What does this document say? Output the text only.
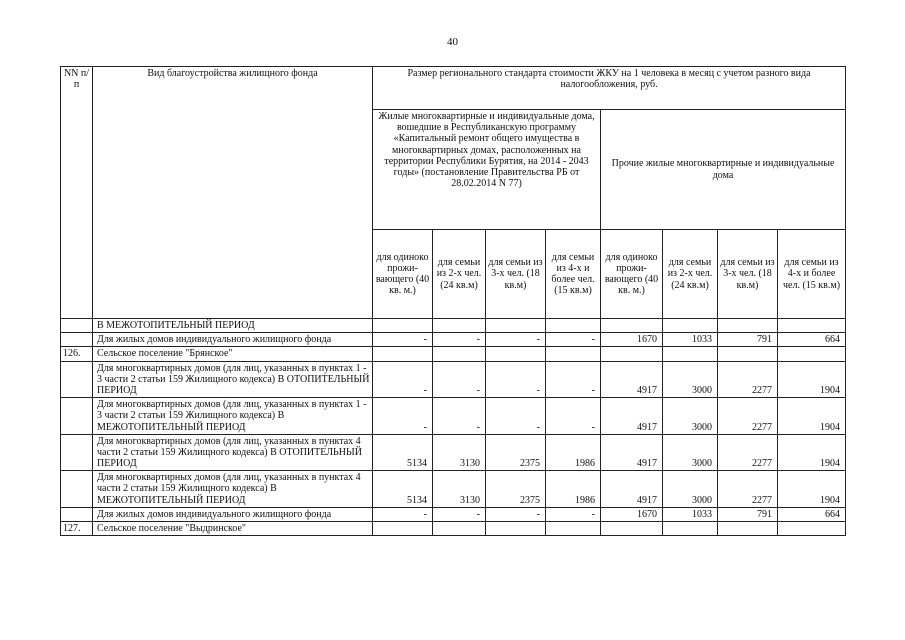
40
NN п/п	Вид благоустройства жилищного фонда	Размер регионального стандарта стоимости ЖКУ на 1 человека в месяц с учетом разного вида налогообложения, руб.							
		Жилые многоквартирные и индивидуальные дома, вошедшие в Республиканскую программу «Капитальный ремонт общего имущества в многоквартирных домах, расположенных на территории Республики Бурятия, на 2014 - 2043 годы» (постановление Правительства РБ от 28.02.2014 N 77)				Прочие жилые многоквартирные и индивидуальные дома			
		для одиноко прожи-вающего (40 кв. м.)	для семьи из 2-х чел. (24 кв.м)	для семьи из 3-х чел. (18 кв.м)	для семьи из 4-х и более чел. (15 кв.м)	для одиноко прожи-вающего (40 кв. м.)	для семьи из 2-х чел. (24 кв.м)	для семьи из 3-х чел. (18 кв.м)	для семьи из 4-х и более чел. (15 кв.м)
	В МЕЖОТОПИТЕЛЬНЫЙ ПЕРИОД								
	Для жилых домов индивидуального жилищного фонда	-	-	-	-	1670	1033	791	664
126.	Сельское поселение "Брянское"								
	Для многоквартирных домов (для лиц, указанных в пунктах 1 - 3 части 2 статьи 159 Жилищного кодекса) В ОТОПИТЕЛЬНЫЙ ПЕРИОД	-	-	-	-	4917	3000	2277	1904
	Для многоквартирных домов (для лиц, указанных в пунктах 1 - 3 части 2 статьи 159 Жилищного кодекса) В МЕЖОТОПИТЕЛЬНЫЙ ПЕРИОД	-	-	-	-	4917	3000	2277	1904
	Для многоквартирных домов (для лиц, указанных в пунктах 4 части 2 статьи 159 Жилищного кодекса) В ОТОПИТЕЛЬНЫЙ ПЕРИОД	5134	3130	2375	1986	4917	3000	2277	1904
	Для многоквартирных домов (для лиц, указанных в пунктах 4 части 2 статьи 159 Жилищного кодекса) В МЕЖОТОПИТЕЛЬНЫЙ ПЕРИОД	5134	3130	2375	1986	4917	3000	2277	1904
	Для жилых домов индивидуального жилищного фонда	-	-	-	-	1670	1033	791	664
127.	Сельское поселение "Выдринское"								
